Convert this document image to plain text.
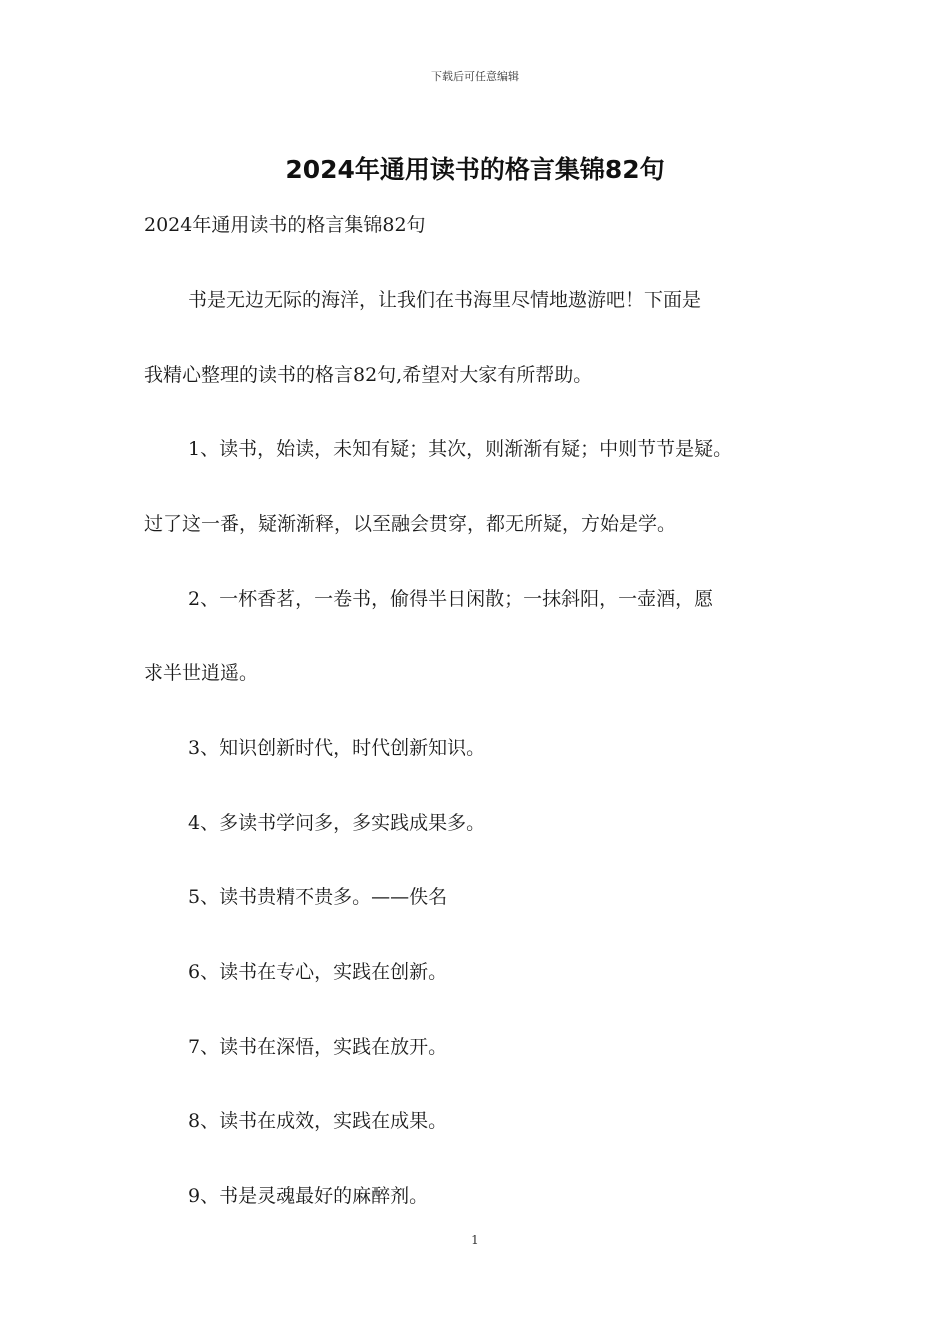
下载后可任意编辑
2024年通用读书的格言集锦82句
2024年通用读书的格言集锦82句
书是无边无际的海洋，让我们在书海里尽情地遨游吧！下面是
我精心整理的读书的格言82句,希望对大家有所帮助。
1、读书，始读，未知有疑；其次，则渐渐有疑；中则节节是疑。
过了这一番，疑渐渐释，以至融会贯穿，都无所疑，方始是学。
2、一杯香茗，一卷书，偷得半日闲散；一抹斜阳，一壶酒，愿
求半世逍遥。
3、知识创新时代，时代创新知识。
4、多读书学问多，多实践成果多。
5、读书贵精不贵多。——佚名
6、读书在专心，实践在创新。
7、读书在深悟，实践在放开。
8、读书在成效，实践在成果。
9、书是灵魂最好的麻醉剂。
1
